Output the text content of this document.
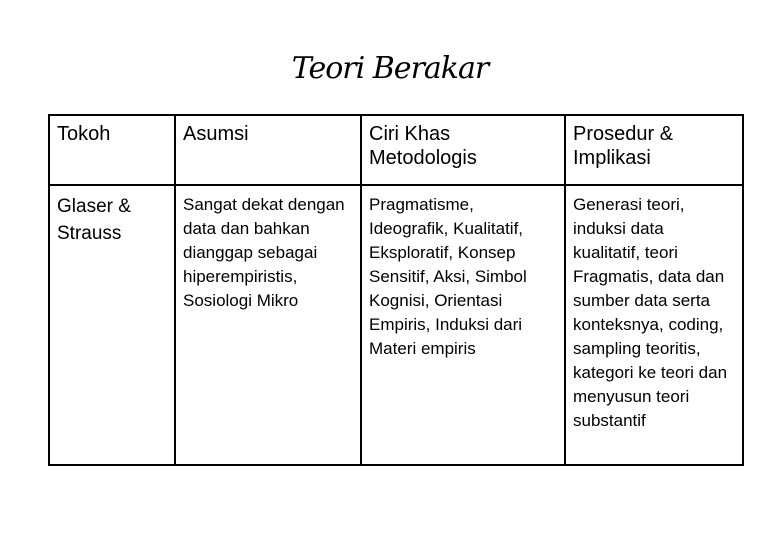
Teori Berakar
Tokoh	Asumsi	Ciri Khas Metodologis	Prosedur & Implikasi
Glaser & Strauss	Sangat dekat dengan data dan bahkan dianggap sebagai hiperempiristis, Sosiologi Mikro	Pragmatisme, Ideografik, Kualitatif, Eksploratif, Konsep Sensitif, Aksi, Simbol Kognisi, Orientasi Empiris, Induksi dari Materi empiris	Generasi teori, induksi data kualitatif, teori Fragmatis, data dan sumber data serta konteksnya, coding, sampling teoritis, kategori ke teori dan menyusun teori substantif
